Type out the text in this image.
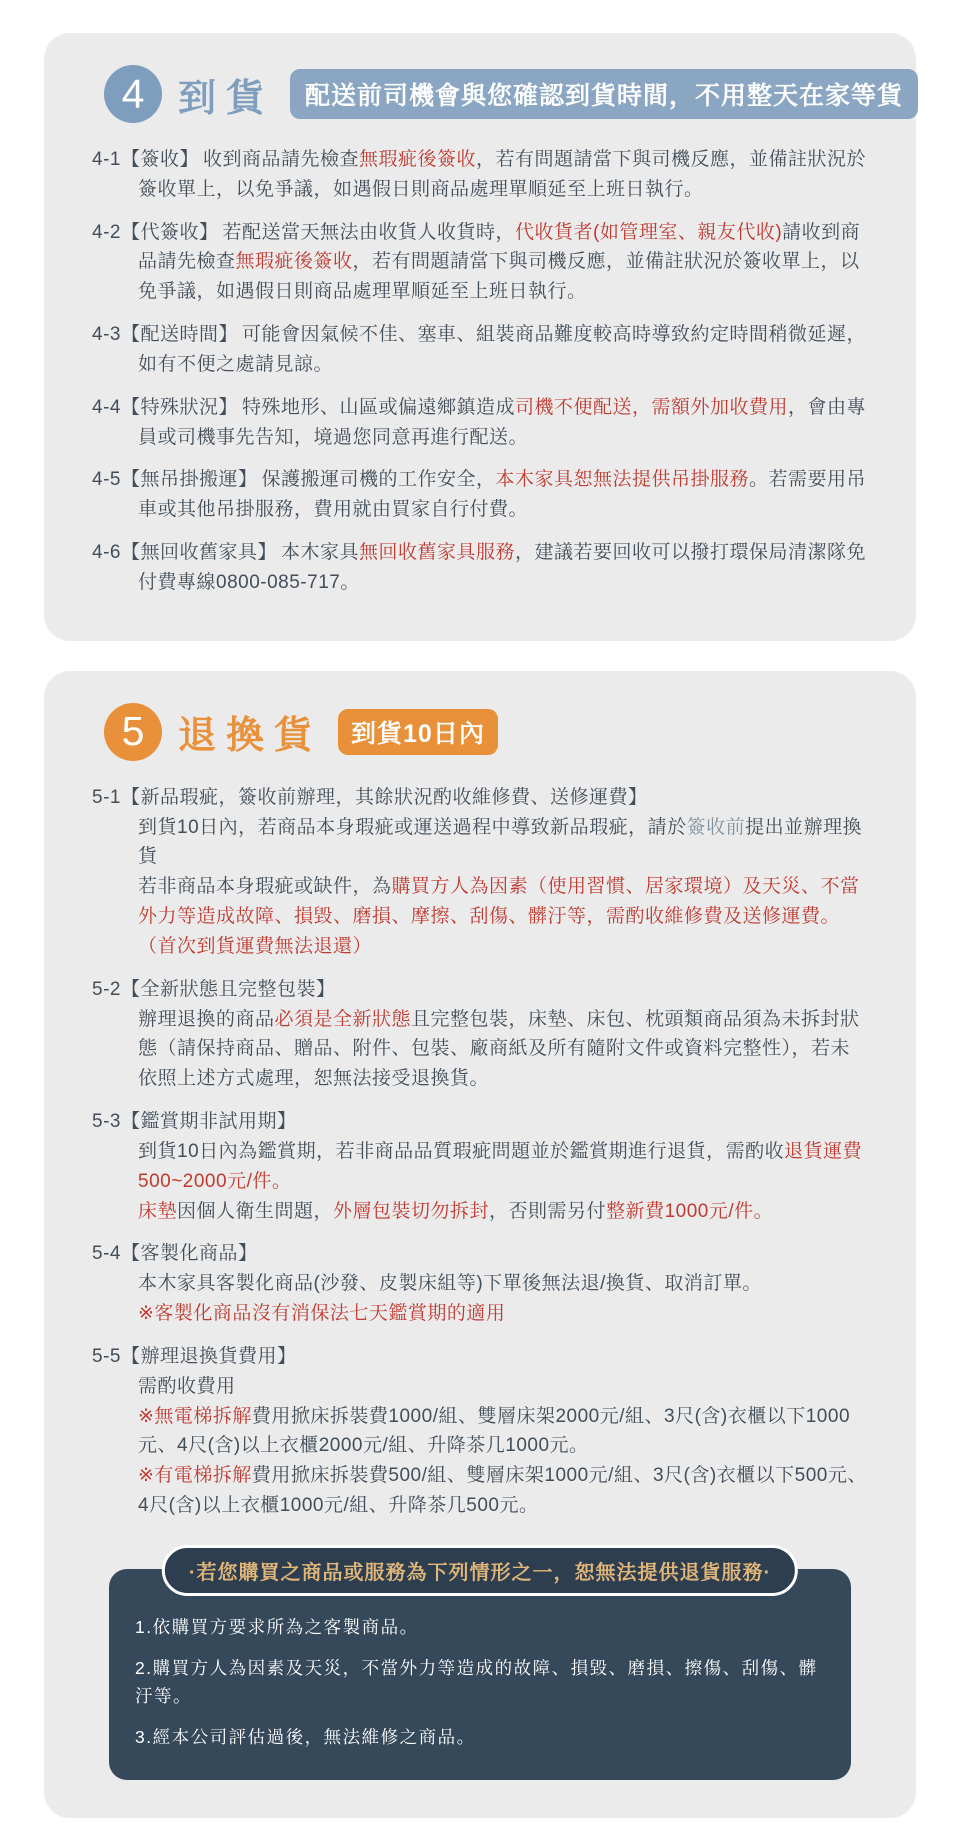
4 到貨	配送前司機會與您確認到貨時間，不用整天在家等貨

4-1【簽收】 收到商品請先檢查無瑕疵後簽收，若有問題請當下與司機反應，並備註狀況於簽收單上，以免爭議，如遇假日則商品處理單順延至上班日執行。

4-2【代簽收】 若配送當天無法由收貨人收貨時，代收貨者(如管理室、親友代收)請收到商品請先檢查無瑕疵後簽收，若有問題請當下與司機反應，並備註狀況於簽收單上，以免爭議，如遇假日則商品處理單順延至上班日執行。

4-3【配送時間】 可能會因氣候不佳、塞車、組裝商品難度較高時導致約定時間稍微延遲，如有不便之處請見諒。

4-4【特殊狀況】 特殊地形、山區或偏遠鄉鎮造成司機不便配送，需額外加收費用，會由專員或司機事先告知，境過您同意再進行配送。

4-5【無吊掛搬運】 保護搬運司機的工作安全，本木家具恕無法提供吊掛服務。若需要用吊車或其他吊掛服務，費用就由買家自行付費。

4-6【無回收舊家具】 本木家具無回收舊家具服務，建議若要回收可以撥打環保局清潔隊免付費專線0800-085-717。

5 退換貨	到貨10日內

5-1【新品瑕疵，簽收前辦理，其餘狀況酌收維修費、送修運費】

到貨10日內，若商品本身瑕疵或運送過程中導致新品瑕疵，請於簽收前提出並辦理換貨

若非商品本身瑕疵或缺件，為購買方人為因素（使用習慣、居家環境）及天災、不當外力等造成故障、損毀、磨損、摩擦、刮傷、髒汙等，需酌收維修費及送修運費。

（首次到貨運費無法退還）

5-2【全新狀態且完整包裝】

辦理退換的商品必須是全新狀態且完整包裝，床墊、床包、枕頭類商品須為未拆封狀態（請保持商品、贈品、附件、包裝、廠商紙及所有隨附文件或資料完整性），若未依照上述方式處理，恕無法接受退換貨。

5-3【鑑賞期非試用期】

到貨10日內為鑑賞期，若非商品品質瑕疵問題並於鑑賞期進行退貨，需酌收退貨運費500~2000元/件。

床墊因個人衛生問題，外層包裝切勿拆封，否則需另付整新費1000元/件。

5-4【客製化商品】

本木家具客製化商品(沙發、皮製床組等)下單後無法退/換貨、取消訂單。

※客製化商品沒有消保法七天鑑賞期的適用

5-5【辦理退換貨費用】

需酌收費用

※無電梯拆解費用掀床拆裝費1000/組、雙層床架2000元/組、3尺(含)衣櫃以下1000元、4尺(含)以上衣櫃2000元/組、升降茶几1000元。

※有電梯拆解費用掀床拆裝費500/組、雙層床架1000元/組、3尺(含)衣櫃以下500元、4尺(含)以上衣櫃1000元/組、升降茶几500元。

·若您購買之商品或服務為下列情形之一，恕無法提供退貨服務·

1.依購買方要求所為之客製商品。

2.購買方人為因素及天災，不當外力等造成的故障、損毀、磨損、擦傷、刮傷、髒汙等。

3.經本公司評估過後，無法維修之商品。
